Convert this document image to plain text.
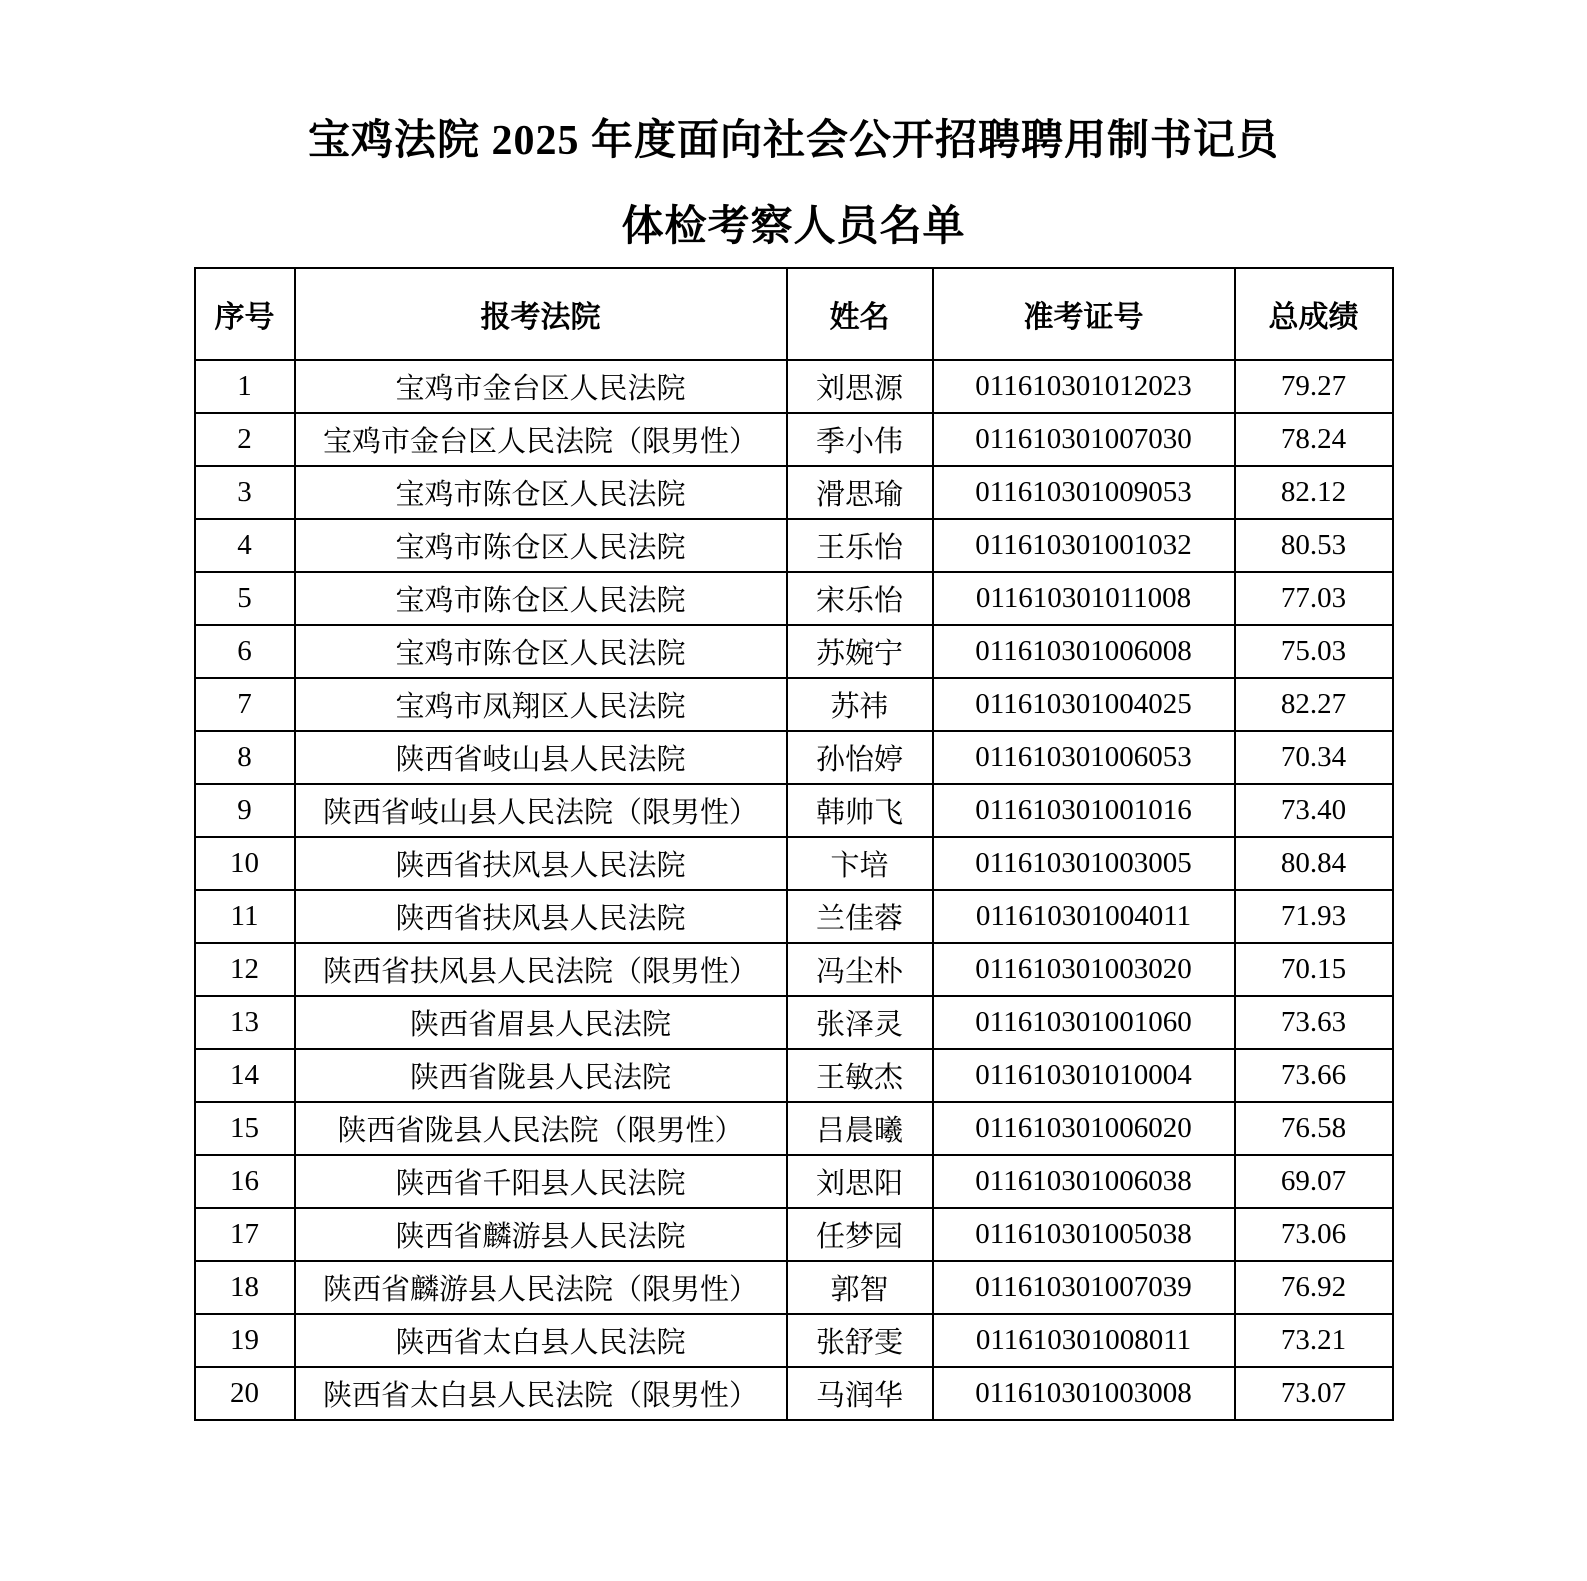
宝鸡法院 2025 年度面向社会公开招聘聘用制书记员

体检考察人员名单

序号	报考法院	姓名	准考证号	总成绩
1	宝鸡市金台区人民法院	刘思源	011610301012023	79.27
2	宝鸡市金台区人民法院（限男性）	季小伟	011610301007030	78.24
3	宝鸡市陈仓区人民法院	滑思瑜	011610301009053	82.12
4	宝鸡市陈仓区人民法院	王乐怡	011610301001032	80.53
5	宝鸡市陈仓区人民法院	宋乐怡	011610301011008	77.03
6	宝鸡市陈仓区人民法院	苏婉宁	011610301006008	75.03
7	宝鸡市凤翔区人民法院	苏祎	011610301004025	82.27
8	陕西省岐山县人民法院	孙怡婷	011610301006053	70.34
9	陕西省岐山县人民法院（限男性）	韩帅飞	011610301001016	73.40
10	陕西省扶风县人民法院	卞培	011610301003005	80.84
11	陕西省扶风县人民法院	兰佳蓉	011610301004011	71.93
12	陕西省扶风县人民法院（限男性）	冯尘朴	011610301003020	70.15
13	陕西省眉县人民法院	张泽灵	011610301001060	73.63
14	陕西省陇县人民法院	王敏杰	011610301010004	73.66
15	陕西省陇县人民法院（限男性）	吕晨曦	011610301006020	76.58
16	陕西省千阳县人民法院	刘思阳	011610301006038	69.07
17	陕西省麟游县人民法院	任梦园	011610301005038	73.06
18	陕西省麟游县人民法院（限男性）	郭智	011610301007039	76.92
19	陕西省太白县人民法院	张舒雯	011610301008011	73.21
20	陕西省太白县人民法院（限男性）	马润华	011610301003008	73.07
